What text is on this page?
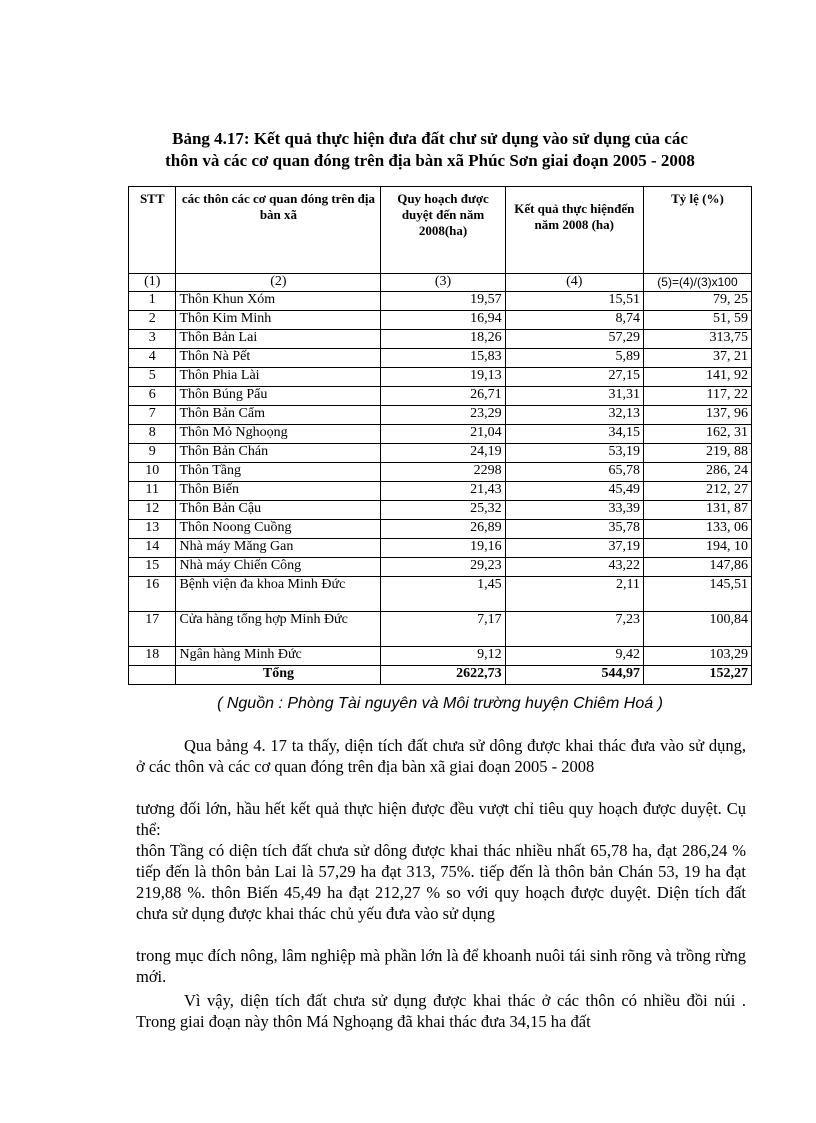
Bảng 4.17: Kết quả thực hiện đưa đất chư sử dụng vào sử dụng của các
thôn và các cơ quan đóng trên địa bàn xã Phúc Sơn giai đoạn 2005 - 2008
STT	các thôn các cơ quan đóng trên địa bàn xã	Quy hoạch được duyệt đến năm 2008(ha)	Kết quả thực hiệnđến năm 2008 (ha)	Tỷ lệ (%)
(1)	(2)	(3)	(4)	(5)=(4)/(3)x100
1	Thôn Khun Xóm	19,57	15,51	79, 25
2	Thôn Kim Minh	16,94	8,74	51, 59
3	Thôn Bản Lai	18,26	57,29	313,75
4	Thôn Nà Pết	15,83	5,89	37, 21
5	Thôn Phia Lài	19,13	27,15	141, 92
6	Thôn Búng Pẩu	26,71	31,31	117, 22
7	Thôn Bản Cẩm	23,29	32,13	137, 96
8	Thôn Mỏ Nghoọng	21,04	34,15	162, 31
9	Thôn Bản Chán	24,19	53,19	219, 88
10	Thôn Tầng	2298	65,78	286, 24
11	Thôn Biến	21,43	45,49	212, 27
12	Thôn Bản Cậu	25,32	33,39	131, 87
13	Thôn Noong Cuồng	26,89	35,78	133, 06
14	Nhà máy Măng Gan	19,16	37,19	194, 10
15	Nhà máy Chiến Công	29,23	43,22	147,86
16	Bệnh viện đa khoa Minh Đức	1,45	2,11	145,51
17	Cửa hàng tổng hợp Minh Đức	7,17	7,23	100,84
18	Ngân hàng Minh Đức	9,12	9,42	103,29
	Tổng	2622,73	544,97	152,27
( Nguồn : Phòng Tài nguyên và Môi trường huyện Chiêm Hoá )
Qua bảng 4. 17 ta thấy, diện tích đất chưa sử dông được khai thác đưa vào sử dụng, ở các thôn và các cơ quan đóng trên địa bàn xã giai đoạn 2005 - 2008
tương đối lớn, hầu hết kết quả thực hiện được đều vượt chỉ tiêu quy hoạch được duyệt. Cụ thể:
thôn Tầng có diện tích đất chưa sử dông được khai thác nhiều nhất 65,78 ha, đạt 286,24 % tiếp đến là thôn bản Lai là 57,29 ha đạt 313, 75%. tiếp đến là thôn bản Chán 53, 19 ha đạt 219,88 %. thôn Biến 45,49 ha đạt 212,27 % so với quy hoạch được duyệt. Diện tích đất chưa sử dụng được khai thác chủ yếu đưa vào sử dụng
trong mục đích nông, lâm nghiệp mà phần lớn là để khoanh nuôi tái sinh rõng và trồng rừng mới.
Vì vậy, diện tích đất chưa sử dụng được khai thác ở các thôn có nhiều đồi núi . Trong giai đoạn này thôn Má Nghoạng đã khai thác đưa 34,15 ha đất
